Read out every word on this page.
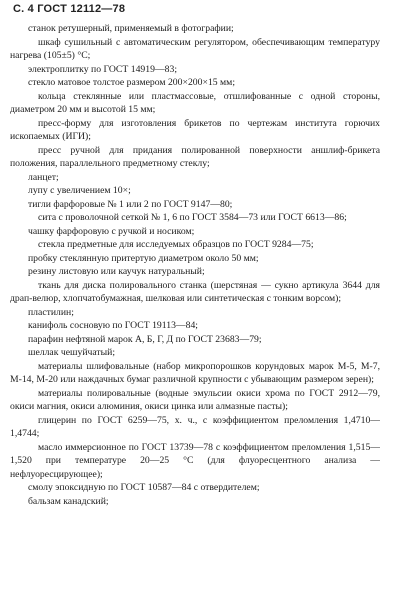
С. 4 ГОСТ 12112—78

станок ретушерный, применяемый в фотографии;

шкаф сушильный с автоматическим регулятором, обеспечивающим температуру нагрева (105±5) °С;

электроплитку по ГОСТ 14919—83;

стекло матовое толстое размером 200×200×15 мм;

кольца стеклянные или пластмассовые, отшлифованные с одной стороны, диаметром 20 мм и высотой 15 мм;

пресс-форму для изготовления брикетов по чертежам института горючих ископаемых (ИГИ);

пресс ручной для придания полированной поверхности аншлиф-брикета положения, параллельного предметному стеклу;

ланцет;

лупу с увеличением 10×;

тигли фарфоровые № 1 или 2 по ГОСТ 9147—80;

сита с проволочной сеткой № 1, 6 по ГОСТ 3584—73 или ГОСТ 6613—86;

чашку фарфоровую с ручкой и носиком;

стекла предметные для исследуемых образцов по ГОСТ 9284—75;

пробку стеклянную притертую диаметром около 50 мм;

резину листовую или каучук натуральный;

ткань для диска полировального станка (шерстяная — сукно артикула 3644 для драп-велюр, хлопчатобумажная, шелковая или синтетическая с тонким ворсом);

пластилин;

канифоль сосновую по ГОСТ 19113—84;

парафин нефтяной марок А, Б, Г, Д по ГОСТ 23683—79;

шеллак чешуйчатый;

материалы шлифовальные (набор микропорошков корундовых марок М-5, М-7, М-14, М-20 или наждачных бумаг различной крупности с убывающим размером зерен);

материалы полировальные (водные эмульсии окиси хрома по ГОСТ 2912—79, окиси магния, окиси алюминия, окиси цинка или алмазные пасты);

глицерин по ГОСТ 6259—75, х. ч., с коэффициентом преломления 1,4710—1,4744;

масло иммерсионное по ГОСТ 13739—78 с коэффициентом преломления 1,515—1,520 при температуре 20—25 °С (для флуоресцентного анализа — нефлуоресцирующее);

смолу эпоксидную по ГОСТ 10587—84 с отвердителем;

бальзам канадский;
